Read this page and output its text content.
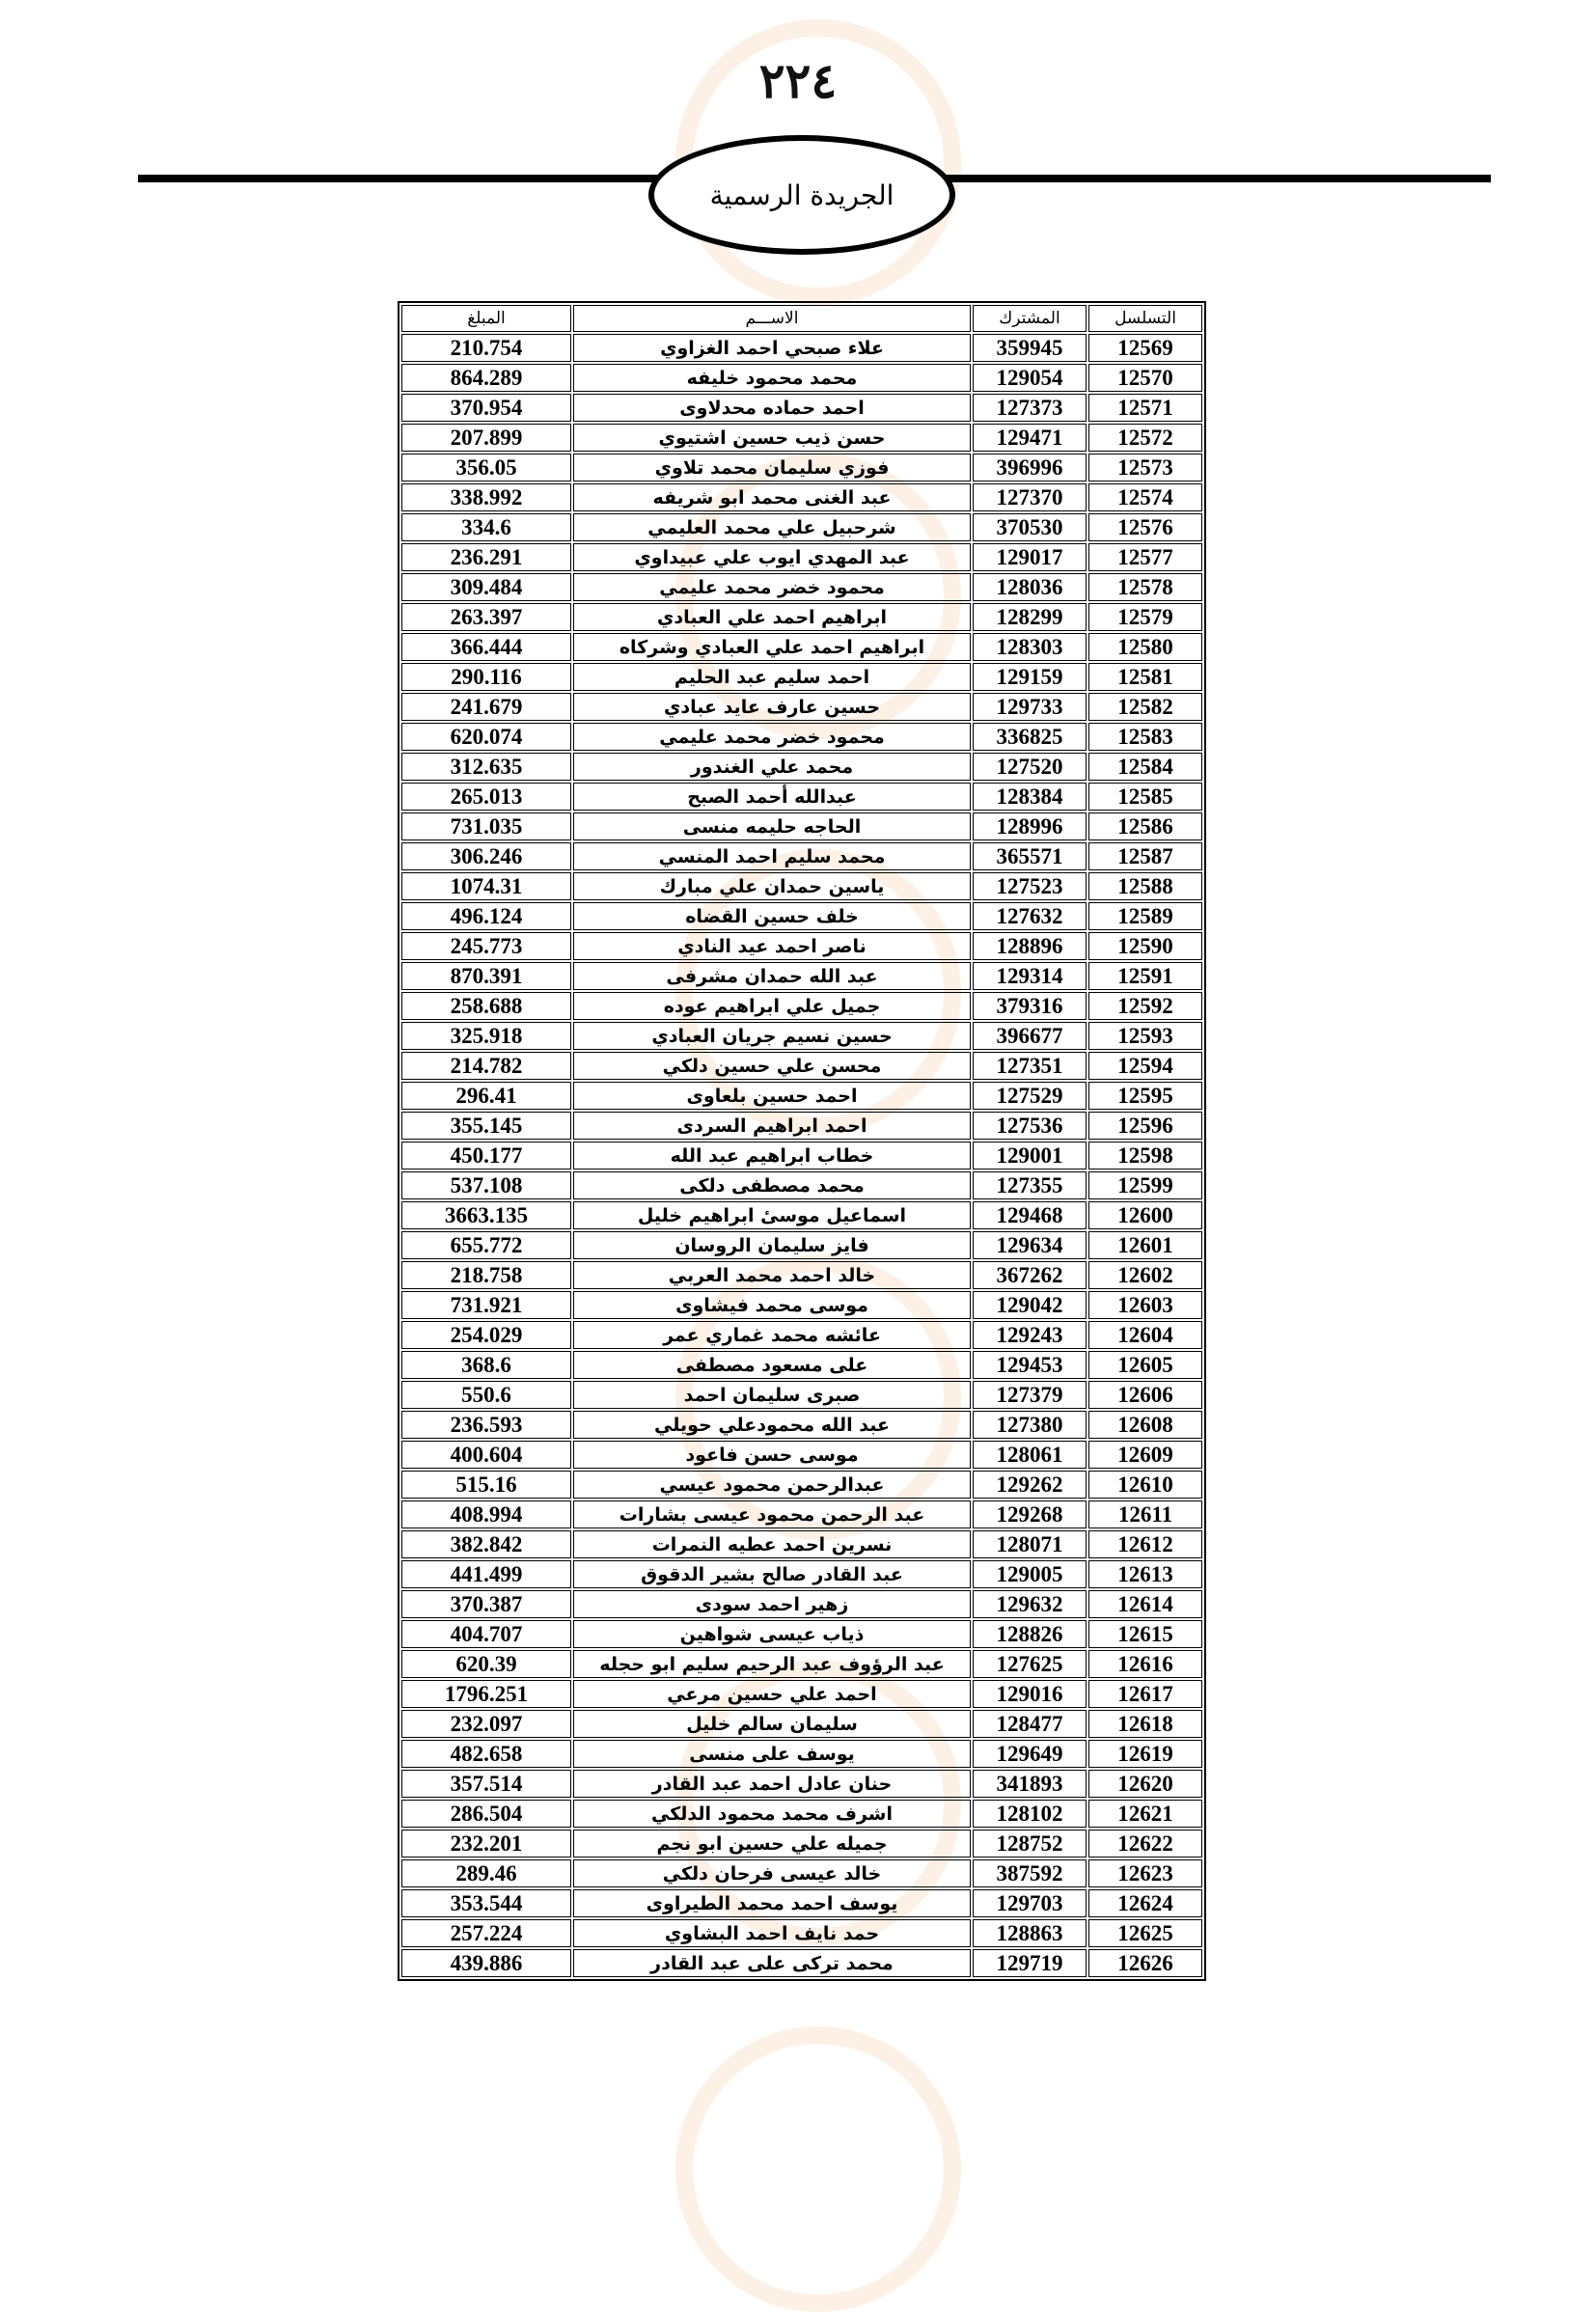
٢٢٤
الجريدة الرسمية
التسلسل	المشترك	الاســـم	المبلغ
12569	359945	علاء صبحي احمد الغزاوي	210.754
12570	129054	محمد محمود خليفه	864.289
12571	127373	احمد حماده محدلاوى	370.954
12572	129471	حسن ذيب حسين اشتيوي	207.899
12573	396996	فوزي سليمان محمد تلاوي	356.05
12574	127370	عبد الغنى محمد ابو شريفه	338.992
12576	370530	شرحبيل علي محمد العليمي	334.6
12577	129017	عبد المهدي ايوب علي عبيداوي	236.291
12578	128036	محمود خضر محمد عليمي	309.484
12579	128299	ابراهيم احمد علي العبادي	263.397
12580	128303	ابراهيم احمد علي العبادي وشركاه	366.444
12581	129159	احمد سليم عبد الحليم	290.116
12582	129733	حسين عارف عايد عبادي	241.679
12583	336825	محمود خضر محمد عليمي	620.074
12584	127520	محمد علي الغندور	312.635
12585	128384	عبدالله أحمد الصبح	265.013
12586	128996	الحاجه حليمه منسى	731.035
12587	365571	محمد سليم احمد المنسي	306.246
12588	127523	ياسين حمدان علي مبارك	1074.31
12589	127632	خلف حسين القضاه	496.124
12590	128896	ناصر احمد عيد النادي	245.773
12591	129314	عبد الله حمدان مشرفى	870.391
12592	379316	جميل علي ابراهيم عوده	258.688
12593	396677	حسين نسيم جريان العبادي	325.918
12594	127351	محسن علي حسين دلكي	214.782
12595	127529	احمد حسين بلعاوى	296.41
12596	127536	احمد ابراهيم السردى	355.145
12598	129001	خطاب ابراهيم عبد الله	450.177
12599	127355	محمد مصطفى دلكى	537.108
12600	129468	اسماعيل موسىٔ ابراهيم خليل	3663.135
12601	129634	فايز سليمان الروسان	655.772
12602	367262	خالد احمد محمد العربي	218.758
12603	129042	موسى محمد فيشاوى	731.921
12604	129243	عائشه محمد غماري عمر	254.029
12605	129453	على مسعود مصطفى	368.6
12606	127379	صبرى سليمان احمد	550.6
12608	127380	عبد الله محمودعلي حويلي	236.593
12609	128061	موسى حسن فاعود	400.604
12610	129262	عبدالرحمن محمود عيسي	515.16
12611	129268	عبد الرحمن محمود عيسى بشارات	408.994
12612	128071	نسرين احمد عطيه النمرات	382.842
12613	129005	عبد القادر صالح بشير الدقوق	441.499
12614	129632	زهير احمد سودى	370.387
12615	128826	ذياب عيسى شواهين	404.707
12616	127625	عبد الرؤوف عبد الرحيم سليم ابو حجله	620.39
12617	129016	احمد علي حسين مرعي	1796.251
12618	128477	سليمان سالم خليل	232.097
12619	129649	يوسف على منسى	482.658
12620	341893	حنان عادل احمد عبد القادر	357.514
12621	128102	اشرف محمد محمود الدلكي	286.504
12622	128752	جميله علي حسين ابو نجم	232.201
12623	387592	خالد عيسى فرحان دلكي	289.46
12624	129703	يوسف احمد محمد الطيراوى	353.544
12625	128863	حمد نايف احمد البشاوي	257.224
12626	129719	محمد تركى على عبد القادر	439.886
